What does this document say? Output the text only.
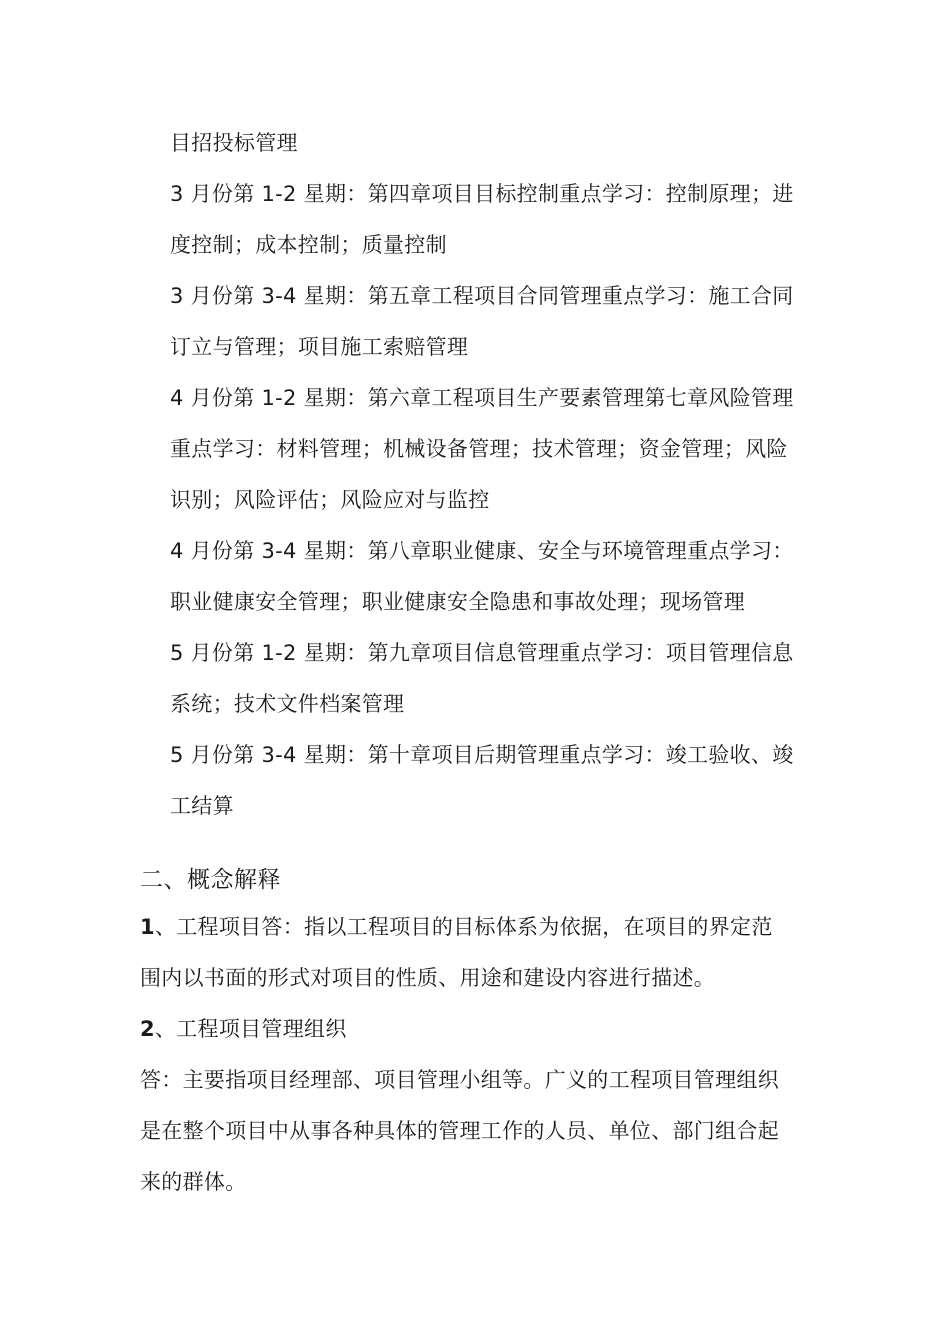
目招投标管理
3 月份第 1-2 星期：第四章项目目标控制重点学习：控制原理；进
度控制；成本控制；质量控制
3 月份第 3-4 星期：第五章工程项目合同管理重点学习：施工合同
订立与管理；项目施工索赔管理
4 月份第 1-2 星期：第六章工程项目生产要素管理第七章风险管理
重点学习：材料管理；机械设备管理；技术管理；资金管理；风险
识别；风险评估；风险应对与监控
4 月份第 3-4 星期：第八章职业健康、安全与环境管理重点学习：
职业健康安全管理；职业健康安全隐患和事故处理；现场管理
5 月份第 1-2 星期：第九章项目信息管理重点学习：项目管理信息
系统；技术文件档案管理
5 月份第 3-4 星期：第十章项目后期管理重点学习：竣工验收、竣
工结算
二、概念解释
1、工程项目答：指以工程项目的目标体系为依据，在项目的界定范
围内以书面的形式对项目的性质、用途和建设内容进行描述。
2、工程项目管理组织
答：主要指项目经理部、项目管理小组等。广义的工程项目管理组织
是在整个项目中从事各种具体的管理工作的人员、单位、部门组合起
来的群体。
